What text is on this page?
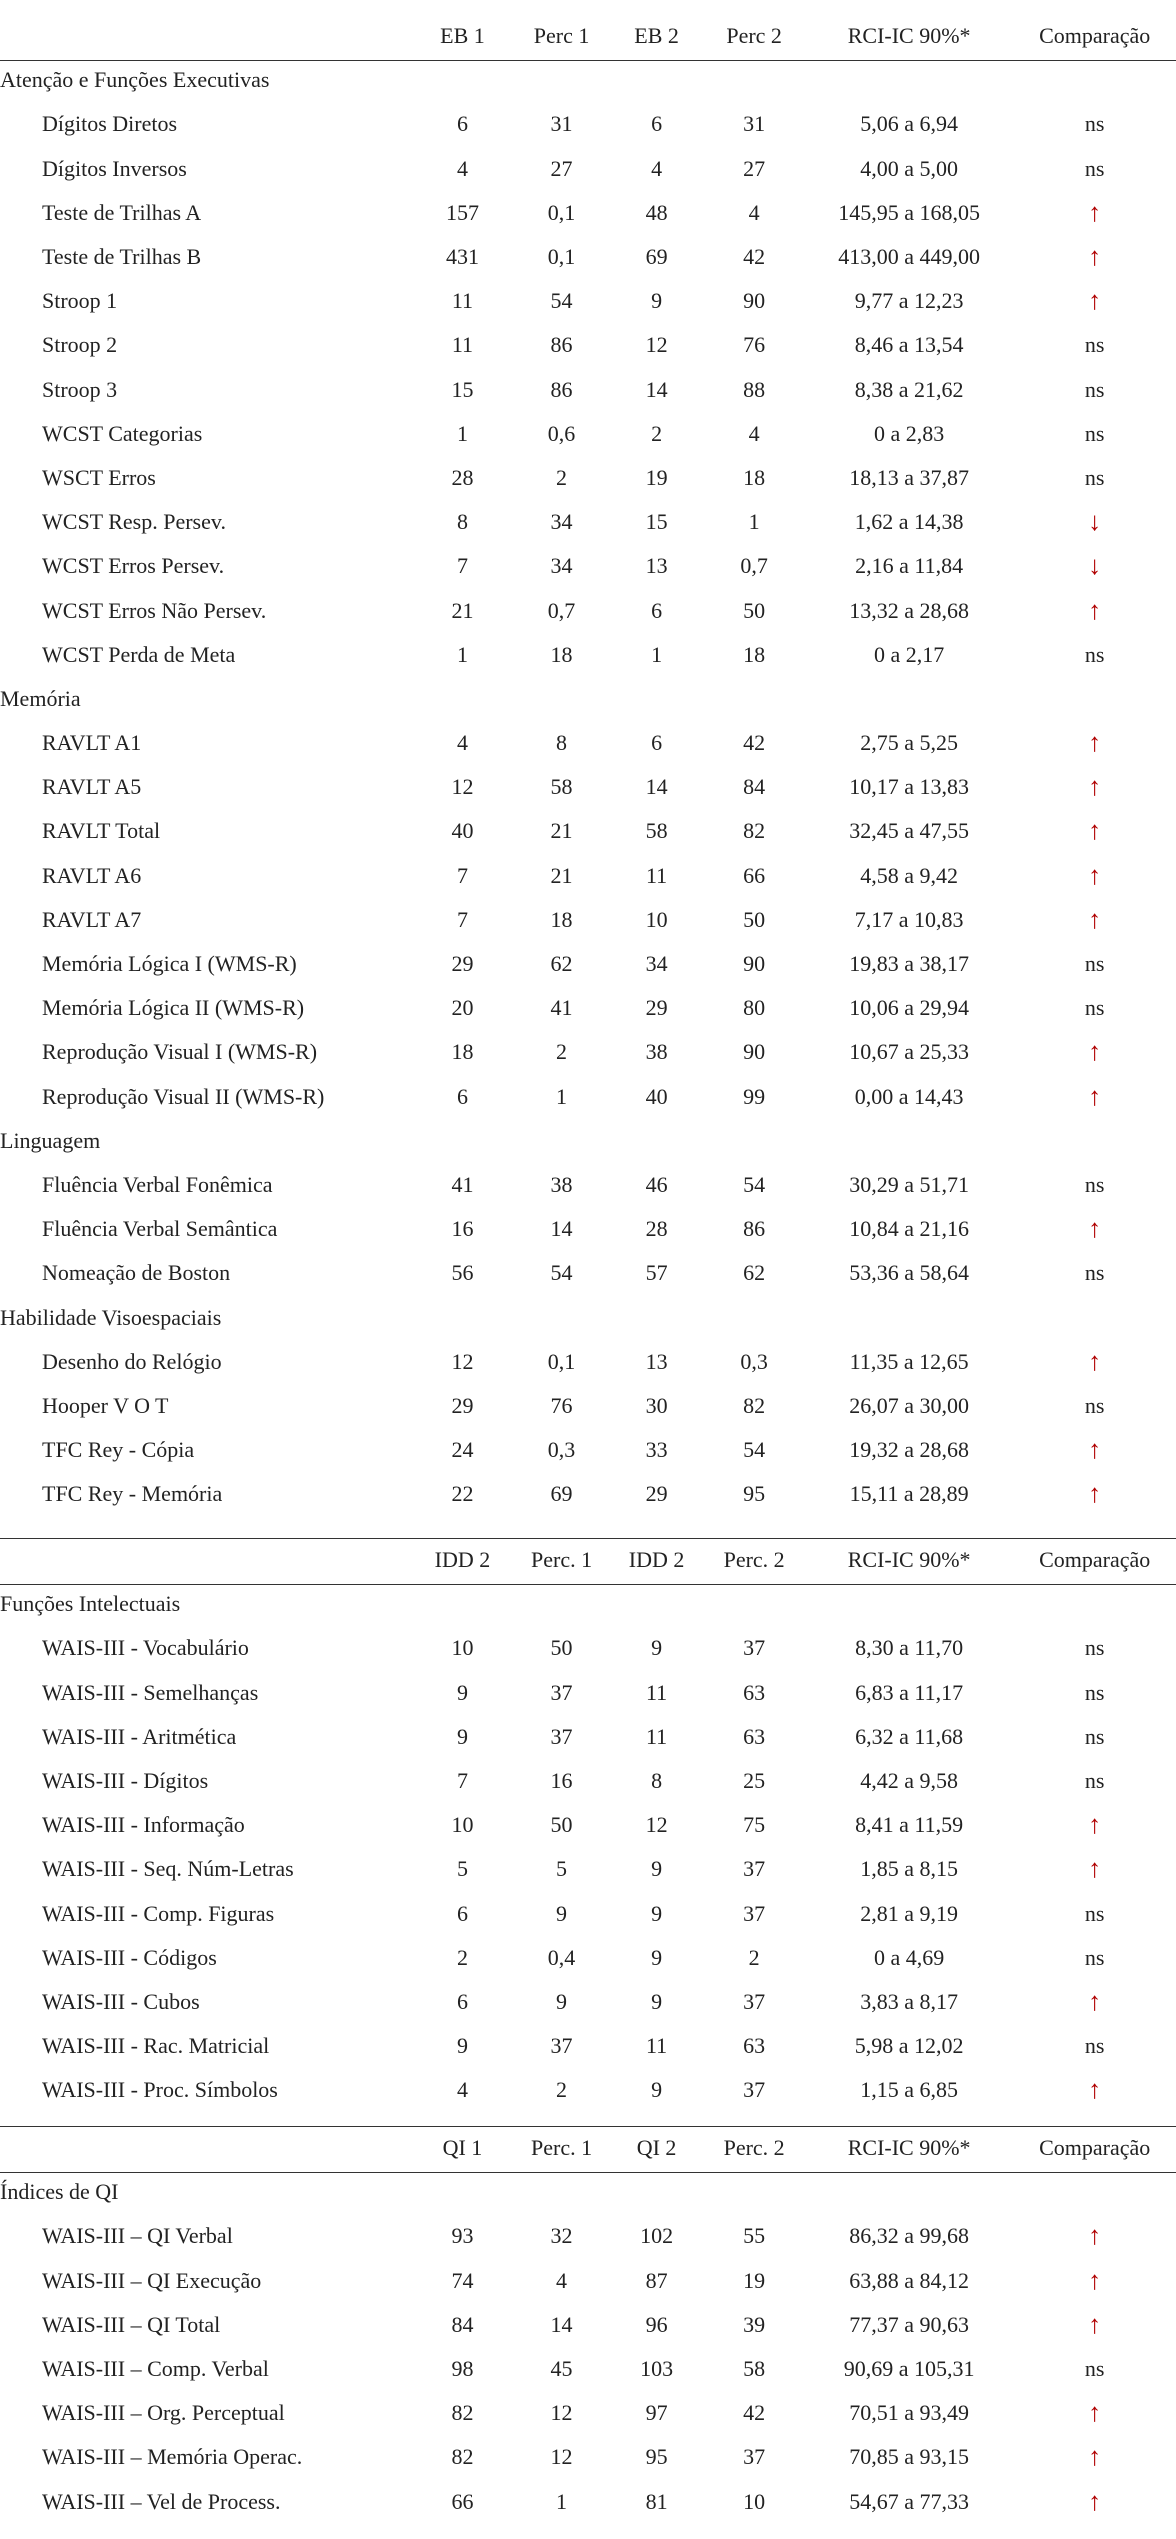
	EB 1	Perc 1	EB 2	Perc 2	RCI-IC 90%*	Comparação
Atenção e Funções Executivas						
Dígitos Diretos	6	31	6	31	5,06 a 6,94	ns
Dígitos Inversos	4	27	4	27	4,00 a 5,00	ns
Teste de Trilhas A	157	0,1	48	4	145,95 a 168,05	↑
Teste de Trilhas B	431	0,1	69	42	413,00 a 449,00	↑
Stroop 1	11	54	9	90	9,77 a 12,23	↑
Stroop 2	11	86	12	76	8,46 a 13,54	ns
Stroop 3	15	86	14	88	8,38 a 21,62	ns
WCST Categorias	1	0,6	2	4	0 a 2,83	ns
WSCT Erros	28	2	19	18	18,13 a 37,87	ns
WCST Resp. Persev.	8	34	15	1	1,62 a 14,38	↓
WCST Erros Persev.	7	34	13	0,7	2,16 a 11,84	↓
WCST Erros Não Persev.	21	0,7	6	50	13,32 a 28,68	↑
WCST Perda de Meta	1	18	1	18	0 a 2,17	ns
Memória						
RAVLT A1	4	8	6	42	2,75 a 5,25	↑
RAVLT A5	12	58	14	84	10,17 a 13,83	↑
RAVLT Total	40	21	58	82	32,45 a 47,55	↑
RAVLT A6	7	21	11	66	4,58 a 9,42	↑
RAVLT A7	7	18	10	50	7,17 a 10,83	↑
Memória Lógica I (WMS-R)	29	62	34	90	19,83 a 38,17	ns
Memória Lógica II (WMS-R)	20	41	29	80	10,06 a 29,94	ns
Reprodução Visual I (WMS-R)	18	2	38	90	10,67 a 25,33	↑
Reprodução Visual II (WMS-R)	6	1	40	99	0,00 a 14,43	↑
Linguagem						
Fluência Verbal Fonêmica	41	38	46	54	30,29 a 51,71	ns
Fluência Verbal Semântica	16	14	28	86	10,84 a 21,16	↑
Nomeação de Boston	56	54	57	62	53,36 a 58,64	ns
Habilidade Visoespaciais						
Desenho do Relógio	12	0,1	13	0,3	11,35 a 12,65	↑
Hooper V O T	29	76	30	82	26,07 a 30,00	ns
TFC Rey - Cópia	24	0,3	33	54	19,32 a 28,68	↑
TFC Rey - Memória	22	69	29	95	15,11 a 28,89	↑
	IDD 2	Perc. 1	IDD 2	Perc. 2	RCI-IC 90%*	Comparação
Funções Intelectuais						
WAIS-III - Vocabulário	10	50	9	37	8,30 a 11,70	ns
WAIS-III - Semelhanças	9	37	11	63	6,83 a 11,17	ns
WAIS-III - Aritmética	9	37	11	63	6,32 a 11,68	ns
WAIS-III - Dígitos	7	16	8	25	4,42 a 9,58	ns
WAIS-III - Informação	10	50	12	75	8,41 a 11,59	↑
WAIS-III - Seq. Núm-Letras	5	5	9	37	1,85 a 8,15	↑
WAIS-III - Comp. Figuras	6	9	9	37	2,81 a 9,19	ns
WAIS-III - Códigos	2	0,4	9	2	0 a 4,69	ns
WAIS-III - Cubos	6	9	9	37	3,83 a 8,17	↑
WAIS-III - Rac. Matricial	9	37	11	63	5,98 a 12,02	ns
WAIS-III - Proc. Símbolos	4	2	9	37	1,15 a 6,85	↑
	QI 1	Perc. 1	QI 2	Perc. 2	RCI-IC 90%*	Comparação
Índices de QI						
WAIS-III – QI Verbal	93	32	102	55	86,32 a 99,68	↑
WAIS-III – QI Execução	74	4	87	19	63,88 a 84,12	↑
WAIS-III – QI Total	84	14	96	39	77,37 a 90,63	↑
WAIS-III – Comp. Verbal	98	45	103	58	90,69 a 105,31	ns
WAIS-III – Org. Perceptual	82	12	97	42	70,51 a 93,49	↑
WAIS-III – Memória Operac.	82	12	95	37	70,85 a 93,15	↑
WAIS-III – Vel de Process.	66	1	81	10	54,67 a 77,33	↑
